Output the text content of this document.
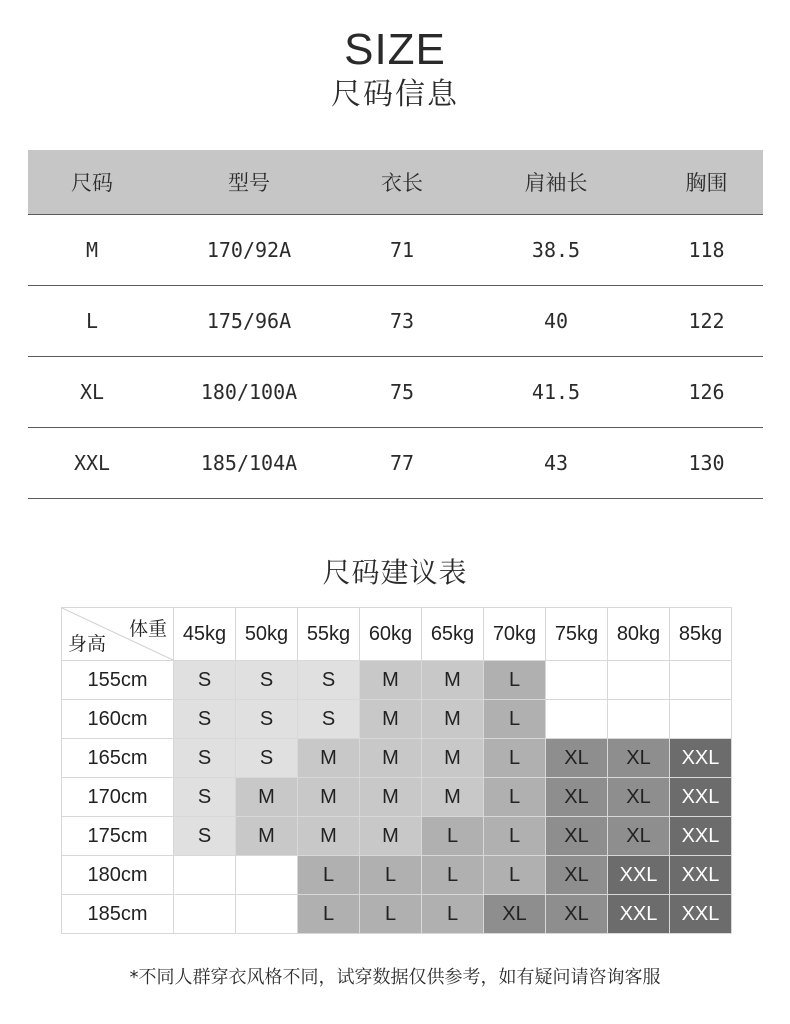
SIZE
尺码信息
尺码	型号	衣长	肩袖长	胸围
M	170/92A	71	38.5	118
L	175/96A	73	40	122
XL	180/100A	75	41.5	126
XXL	185/104A	77	43	130
尺码建议表
体重
身高	45kg	50kg	55kg	60kg	65kg	70kg	75kg	80kg	85kg
155cm	S	S	S	M	M	L			
160cm	S	S	S	M	M	L			
165cm	S	S	M	M	M	L	XL	XL	XXL
170cm	S	M	M	M	M	L	XL	XL	XXL
175cm	S	M	M	M	L	L	XL	XL	XXL
180cm			L	L	L	L	XL	XXL	XXL
185cm			L	L	L	XL	XL	XXL	XXL
*不同人群穿衣风格不同，试穿数据仅供参考，如有疑问请咨询客服
